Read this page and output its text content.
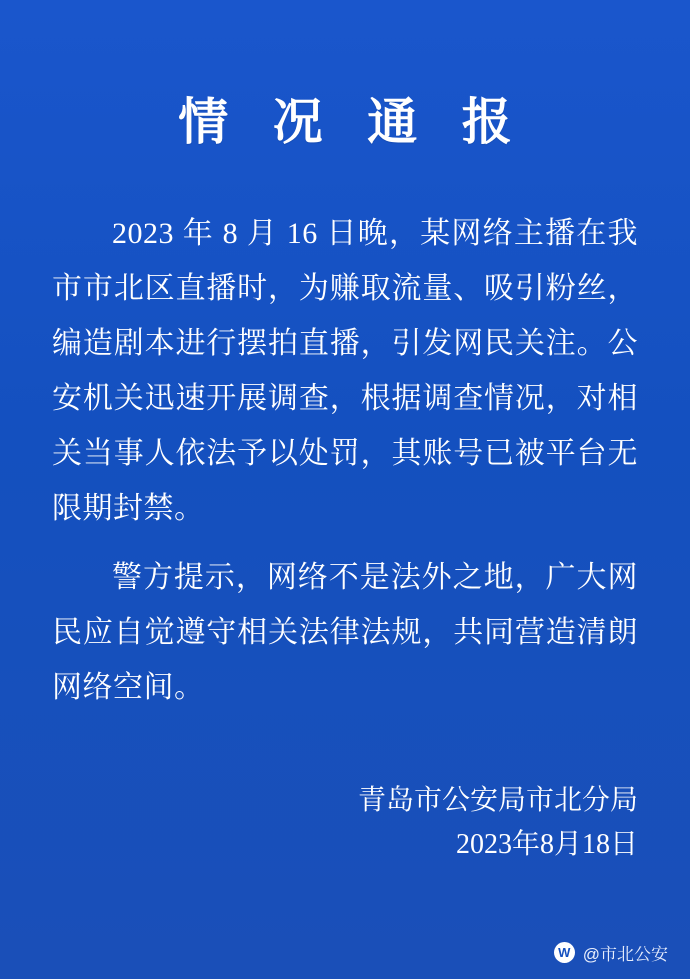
情 况 通 报

2023 年 8 月 16 日晚，某网络主播在我市市北区直播时，为赚取流量、吸引粉丝，编造剧本进行摆拍直播，引发网民关注。公安机关迅速开展调查，根据调查情况，对相关当事人依法予以处罚，其账号已被平台无限期封禁。

警方提示，网络不是法外之地，广大网民应自觉遵守相关法律法规，共同营造清朗网络空间。

青岛市公安局市北分局
2023年8月18日
W @市北公安
